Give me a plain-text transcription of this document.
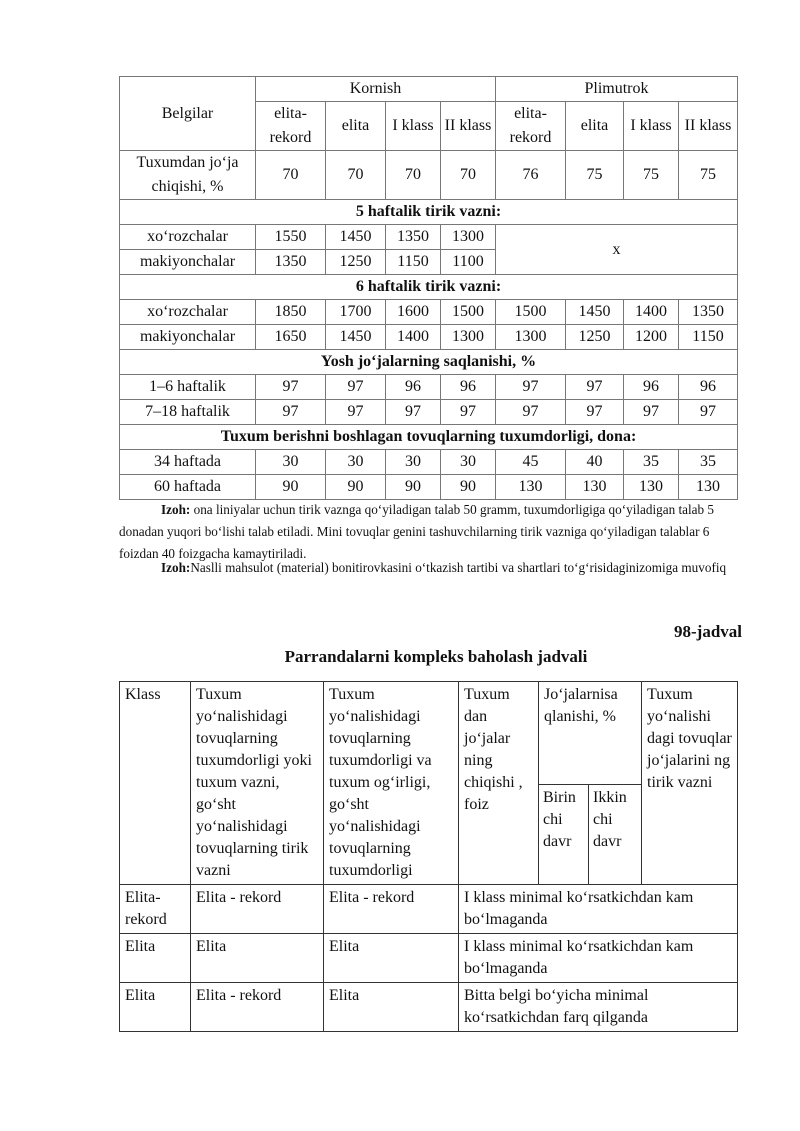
Belgilar	Kornish				Plimutrok			
	elita-rekord	elita	I klass	II klass	elita-rekord	elita	I klass	II klass
Tuxumdan jo‘ja chiqishi, %	70	70	70	70	76	75	75	75
5 haftalik tirik vazni:								
xo‘rozchalar	1550	1450	1350	1300	x			
makiyonchalar	1350	1250	1150	1100				
6 haftalik tirik vazni:								
xo‘rozchalar	1850	1700	1600	1500	1500	1450	1400	1350
makiyonchalar	1650	1450	1400	1300	1300	1250	1200	1150
Yosh jo‘jalarning saqlanishi, %								
1–6 haftalik	97	97	96	96	97	97	96	96
7–18 haftalik	97	97	97	97	97	97	97	97
Tuxum berishni boshlagan tovuqlarning tuxumdorligi, dona:								
34 haftada	30	30	30	30	45	40	35	35
60 haftada	90	90	90	90	130	130	130	130

Izoh: ona liniyalar uchun tirik vaznga qo‘yiladigan talab 50 gramm, tuxumdorligiga qo‘yiladigan talab 5 donadan yuqori bo‘lishi talab etiladi. Mini tovuqlar genini tashuvchilarning tirik vazniga qo‘yiladigan talablar 6 foizdan 40 foizgacha kamaytiriladi.

Izoh:Naslli mahsulot (material) bonitirovkasini o‘tkazish tartibi va shartlari to‘g‘risidaginizomiga muvofiq

98-jadval
Parrandalarni kompleks baholash jadvali
Klass	Tuxum yo‘nalishidagi tovuqlarning tuxumdorligi yoki tuxum vazni, go‘sht yo‘nalishidagi tovuqlarning tirik vazni	Tuxum yo‘nalishidagi tovuqlarning tuxumdorligi va tuxum og‘irligi, go‘sht yo‘nalishidagi tovuqlarning tuxumdorligi	Tuxum dan jo‘jalar ning chiqishi , foiz	Jo‘jalarnisa qlanishi, %		Tuxum yo‘nalishi dagi tovuqlar jo‘jalarini ng tirik vazni
				Birin chi davr	Ikkin chi davr	
Elita-rekord	Elita - rekord	Elita - rekord	I klass minimal ko‘rsatkichdan kam bo‘lmaganda			
Elita	Elita	Elita	I klass minimal ko‘rsatkichdan kam bo‘lmaganda			
Elita	Elita - rekord	Elita	Bitta belgi bo‘yicha minimal ko‘rsatkichdan farq qilganda			
